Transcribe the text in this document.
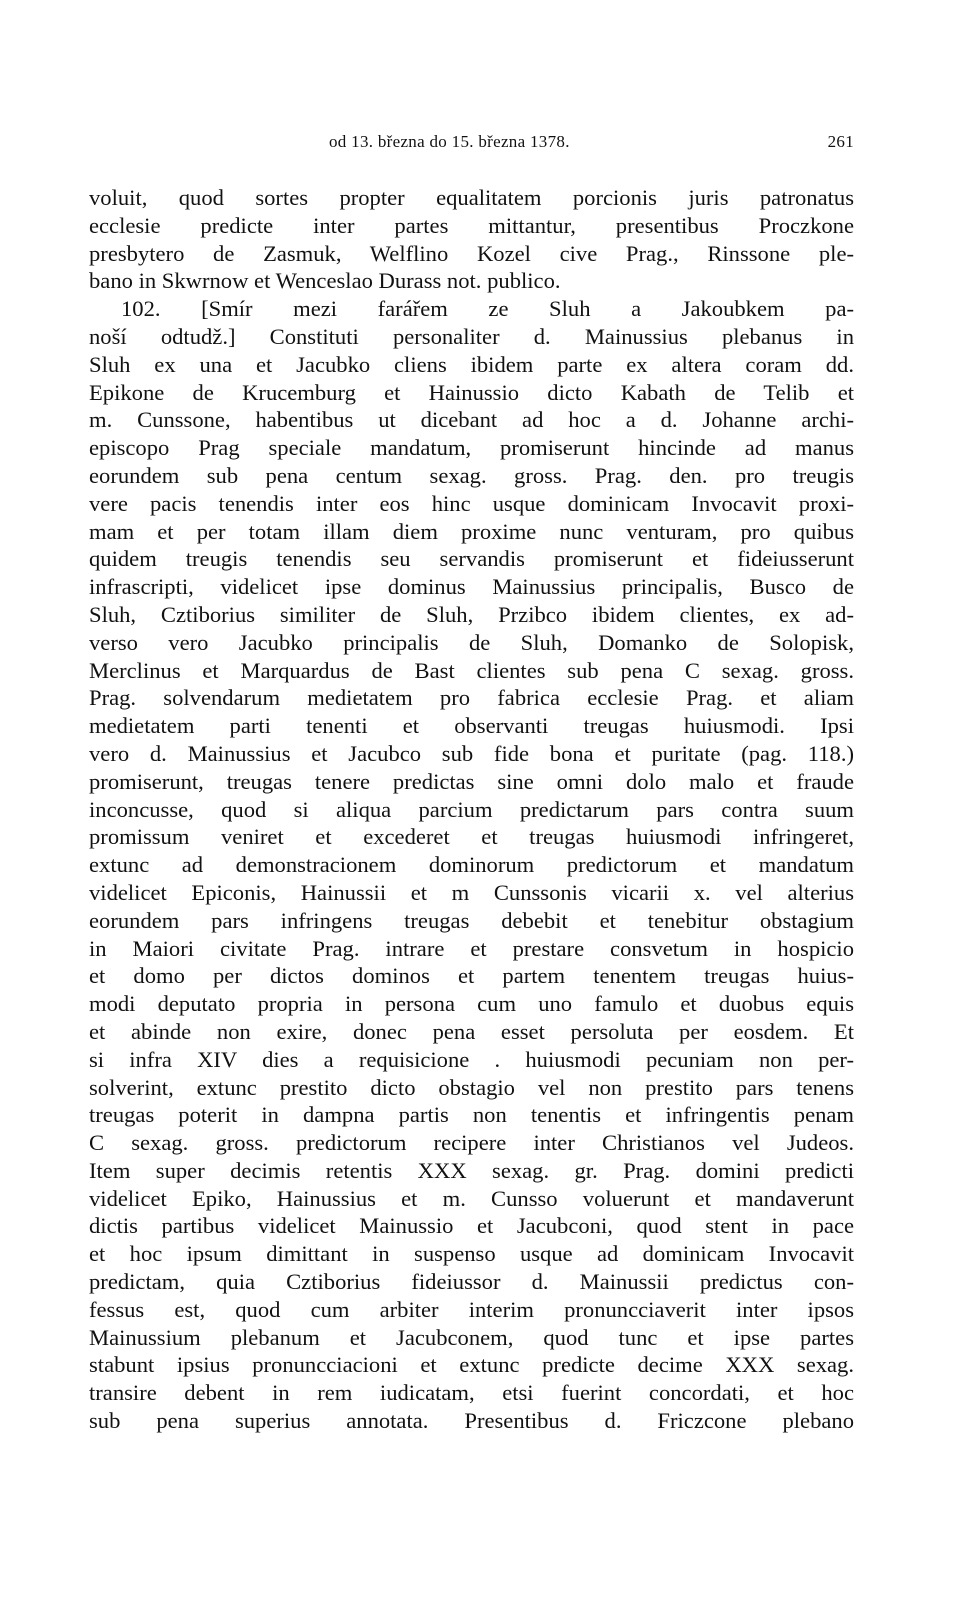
od 13. března do 15. března 1378.	261
voluit, quod sortes propter equalitatem porcionis juris patronatus
ecclesie predicte inter partes mittantur, presentibus Proczkone
presbytero de Zasmuk, Welflino Kozel cive Prag., Rinssone ple-
bano in Skwrnow et Wenceslao Durass not. publico.
102. [Smír mezi farářem ze Sluh a Jakoubkem pa-
noší odtudž.] Constituti personaliter d. Mainussius plebanus in
Sluh ex una et Jacubko cliens ibidem parte ex altera coram dd.
Epikone de Krucemburg et Hainussio dicto Kabath de Telib et
m. Cunssone, habentibus ut dicebant ad hoc a d. Johanne archi-
episcopo Prag speciale mandatum, promiserunt hincinde ad manus
eorundem sub pena centum sexag. gross. Prag. den. pro treugis
vere pacis tenendis inter eos hinc usque dominicam Invocavit proxi-
mam et per totam illam diem proxime nunc venturam, pro quibus
quidem treugis tenendis seu servandis promiserunt et fideiusserunt
infrascripti, videlicet ipse dominus Mainussius principalis, Busco de
Sluh, Cztiborius similiter de Sluh, Przibco ibidem clientes, ex ad-
verso vero Jacubko principalis de Sluh, Domanko de Solopisk,
Merclinus et Marquardus de Bast clientes sub pena C sexag. gross.
Prag. solvendarum medietatem pro fabrica ecclesie Prag. et aliam
medietatem parti tenenti et observanti treugas huiusmodi. Ipsi
vero d. Mainussius et Jacubco sub fide bona et puritate (pag. 118.)
promiserunt, treugas tenere predictas sine omni dolo malo et fraude
inconcusse, quod si aliqua parcium predictarum pars contra suum
promissum veniret et excederet et treugas huiusmodi infringeret,
extunc ad demonstracionem dominorum predictorum et mandatum
videlicet Epiconis, Hainussii et m Cunssonis vicarii x. vel alterius
eorundem pars infringens treugas debebit et tenebitur obstagium
in Maiori civitate Prag. intrare et prestare consvetum in hospicio
et domo per dictos dominos et partem tenentem treugas huius-
modi deputato propria in persona cum uno famulo et duobus equis
et abinde non exire, donec pena esset persoluta per eosdem. Et
si infra XIV dies a requisicione . huiusmodi pecuniam non per-
solverint, extunc prestito dicto obstagio vel non prestito pars tenens
treugas poterit in dampna partis non tenentis et infringentis penam
C sexag. gross. predictorum recipere inter Christianos vel Judeos.
Item super decimis retentis XXX sexag. gr. Prag. domini predicti
videlicet Epiko, Hainussius et m. Cunsso voluerunt et mandaverunt
dictis partibus videlicet Mainussio et Jacubconi, quod stent in pace
et hoc ipsum dimittant in suspenso usque ad dominicam Invocavit
predictam, quia Cztiborius fideiussor d. Mainussii predictus con-
fessus est, quod cum arbiter interim pronuncciaverit inter ipsos
Mainussium plebanum et Jacubconem, quod tunc et ipse partes
stabunt ipsius pronuncciacioni et extunc predicte decime XXX sexag.
transire debent in rem iudicatam, etsi fuerint concordati, et hoc
sub pena superius annotata. Presentibus d. Friczcone plebano
